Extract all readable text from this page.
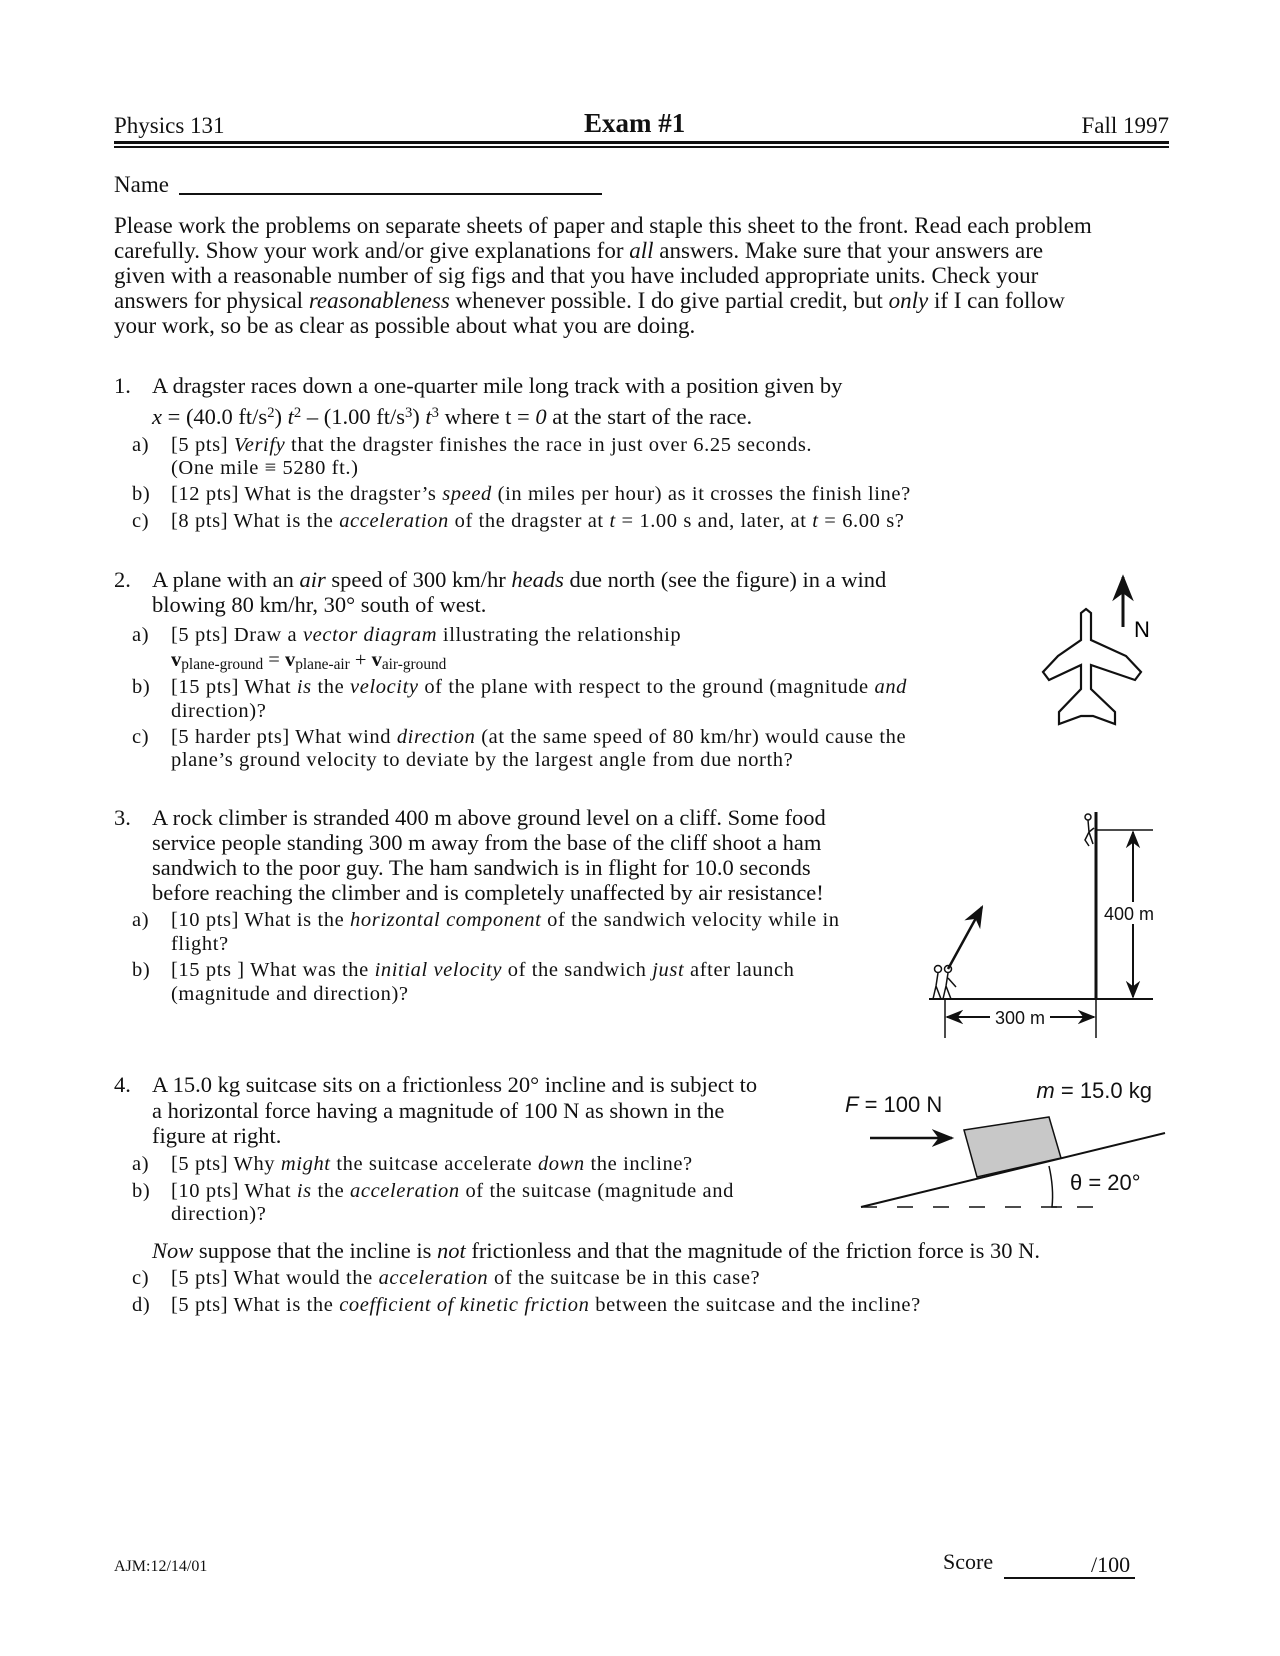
Physics 131	Exam #1	Fall 1997
Name
Please work the problems on separate sheets of paper and staple this sheet to the front. Read each problem
carefully. Show your work and/or give explanations for all answers. Make sure that your answers are
given with a reasonable number of sig figs and that you have included appropriate units. Check your
answers for physical reasonableness whenever possible. I do give partial credit, but only if I can follow
your work, so be as clear as possible about what you are doing.
1. A dragster races down a one-quarter mile long track with a position given by
x = (40.0 $ft/s^2$) $t^2 - (1.00$ $ft/s^3$) $t^3$ where t = 0 at the start of the race.
a) [5 pts] Verify that the dragster finishes the race in just over 6.25 seconds.
(One mile ≡ 5280 ft.)
b) [12 pts] What is the dragster’s speed (in miles per hour) as it crosses the finish line?
c) [8 pts] What is the acceleration of the dragster at t = 1.00 s and, later, at t = 6.00 s?
2. A plane with an air speed of 300 km/hr heads due north (see the figure) in a wind
blowing 80 km/hr, 30° south of west.
a) [5 pts] Draw a vector diagram illustrating the relationship
$v_{plane-ground} = v_{plane-air} + v_{air-ground}$
b) [15 pts] What is the velocity of the plane with respect to the ground (magnitude and
direction)?
c) [5 harder pts] What wind direction (at the same speed of 80 km/hr) would cause the
plane’s ground velocity to deviate by the largest angle from due north?
3. A rock climber is stranded 400 m above ground level on a cliff. Some food
service people standing 300 m away from the base of the cliff shoot a ham
sandwich to the poor guy. The ham sandwich is in flight for 10.0 seconds
before reaching the climber and is completely unaffected by air resistance!
a) [10 pts] What is the horizontal component of the sandwich velocity while in
flight?
b) [15 pts ] What was the initial velocity of the sandwich just after launch
(magnitude and direction)?
4. A 15.0 kg suitcase sits on a frictionless 20° incline and is subject to
a horizontal force having a magnitude of 100 N as shown in the
figure at right.
a) [5 pts] Why might the suitcase accelerate down the incline?
b) [10 pts] What is the acceleration of the suitcase (magnitude and
direction)?
Now suppose that the incline is not frictionless and that the magnitude of the friction force is 30 N.
c) [5 pts] What would the acceleration of the suitcase be in this case?
d) [5 pts] What is the coefficient of kinetic friction between the suitcase and the incline?
N
400 m
300 m
F = 100 N
m = 15.0 kg
θ = 20°
AJM:12/14/01	Score	/100
